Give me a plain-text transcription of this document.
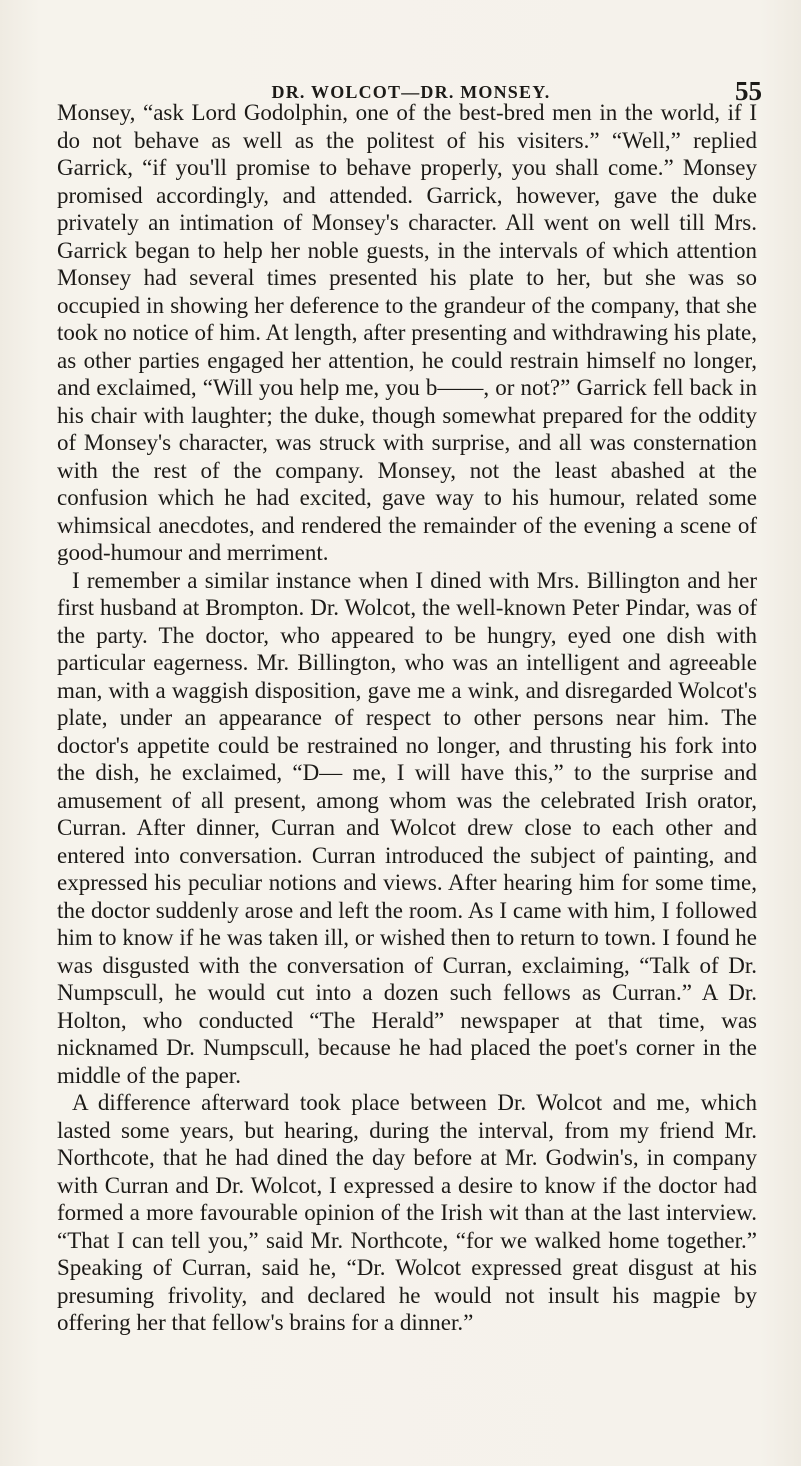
DR. WOLCOT—DR. MONSEY.	55

Monsey, “ask Lord Godolphin, one of the best-bred men in the world, if I do not behave as well as the politest of his visiters.” “Well,” replied Garrick, “if you'll promise to behave properly, you shall come.” Monsey promised accordingly, and attended. Garrick, however, gave the duke privately an intimation of Monsey's character. All went on well till Mrs. Garrick began to help her noble guests, in the intervals of which attention Monsey had several times presented his plate to her, but she was so occupied in showing her deference to the grandeur of the company, that she took no notice of him. At length, after presenting and withdrawing his plate, as other parties engaged her attention, he could restrain himself no longer, and exclaimed, “Will you help me, you b——, or not?” Garrick fell back in his chair with laughter; the duke, though somewhat prepared for the oddity of Monsey's character, was struck with surprise, and all was consternation with the rest of the company. Monsey, not the least abashed at the confusion which he had excited, gave way to his humour, related some whimsical anecdotes, and rendered the remainder of the evening a scene of good-humour and merriment.

I remember a similar instance when I dined with Mrs. Billington and her first husband at Brompton. Dr. Wolcot, the well-known Peter Pindar, was of the party. The doctor, who appeared to be hungry, eyed one dish with particular eagerness. Mr. Billington, who was an intelligent and agreeable man, with a waggish disposition, gave me a wink, and disregarded Wolcot's plate, under an appearance of respect to other persons near him. The doctor's appetite could be restrained no longer, and thrusting his fork into the dish, he exclaimed, “D— me, I will have this,” to the surprise and amusement of all present, among whom was the celebrated Irish orator, Curran. After dinner, Curran and Wolcot drew close to each other and entered into conversation. Curran introduced the subject of painting, and expressed his peculiar notions and views. After hearing him for some time, the doctor suddenly arose and left the room. As I came with him, I followed him to know if he was taken ill, or wished then to return to town. I found he was disgusted with the conversation of Curran, exclaiming, “Talk of Dr. Numpscull, he would cut into a dozen such fellows as Curran.” A Dr. Holton, who conducted “The Herald” newspaper at that time, was nicknamed Dr. Numpscull, because he had placed the poet's corner in the middle of the paper.

A difference afterward took place between Dr. Wolcot and me, which lasted some years, but hearing, during the interval, from my friend Mr. Northcote, that he had dined the day before at Mr. Godwin's, in company with Curran and Dr. Wolcot, I expressed a desire to know if the doctor had formed a more favourable opinion of the Irish wit than at the last interview. “That I can tell you,” said Mr. Northcote, “for we walked home together.” Speaking of Curran, said he, “Dr. Wolcot expressed great disgust at his presuming frivolity, and declared he would not insult his magpie by offering her that fellow's brains for a dinner.”
